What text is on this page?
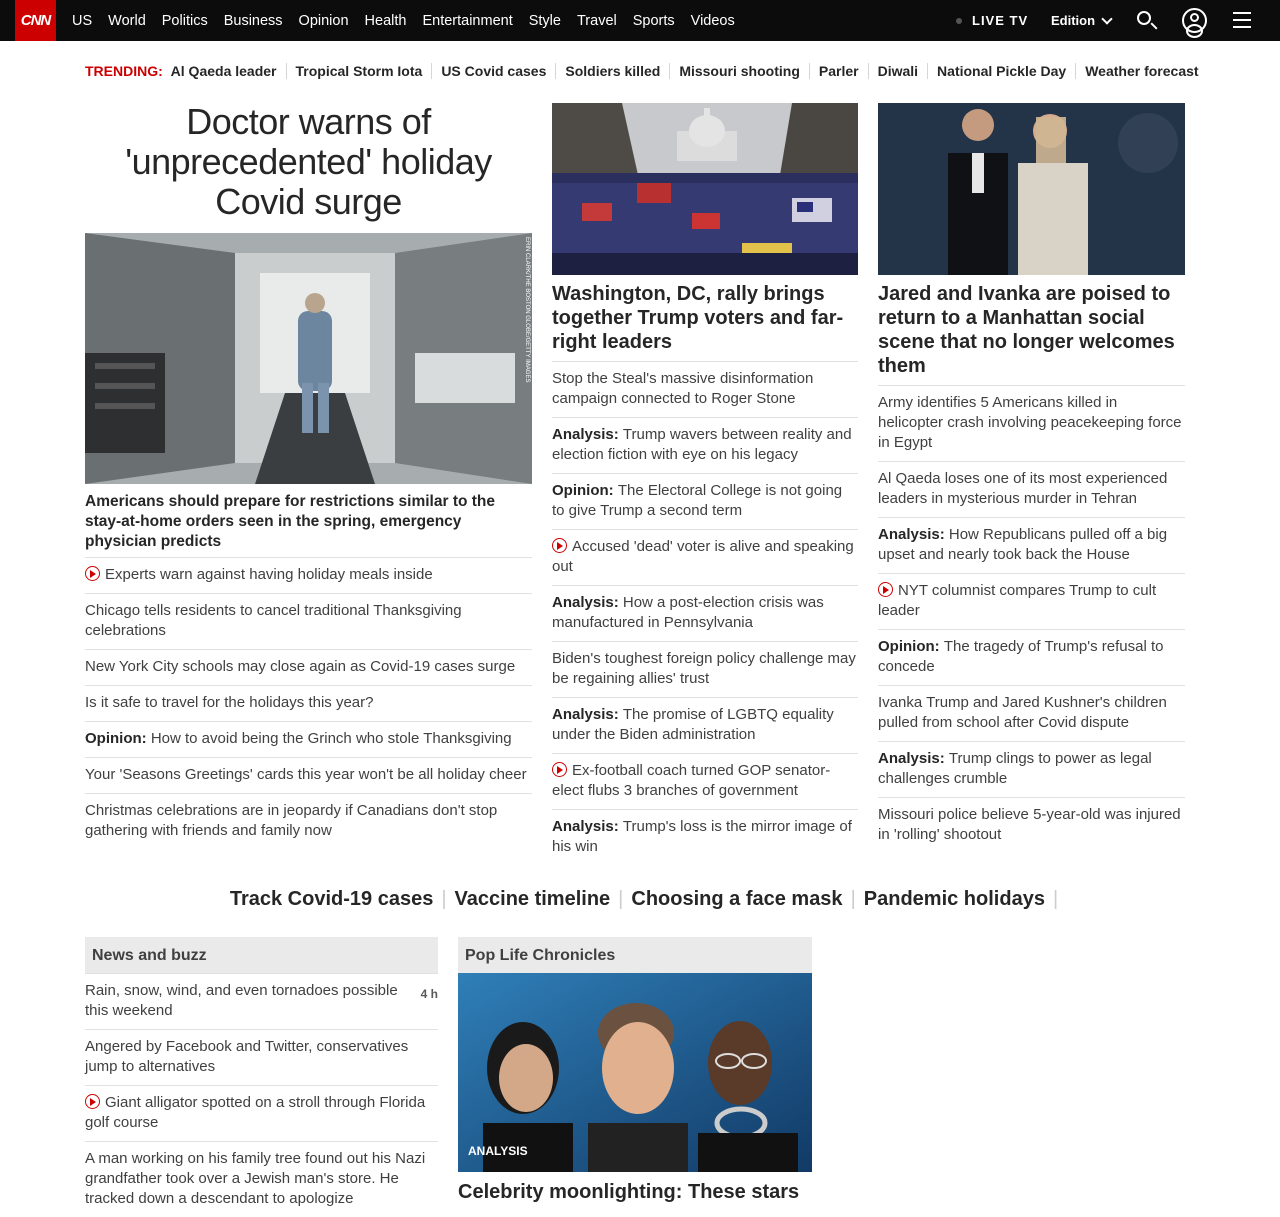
CNN	US World Politics Business Opinion Health Entertainment Style Travel Sports Videos	LIVE TV Edition
TRENDING: Al Qaeda leader Tropical Storm Iota US Covid cases Soldiers killed Missouri shooting Parler Diwali National Pickle Day Weather forecast
Doctor warns of 'unprecedented' holiday Covid surge
ERIN CLARK/THE BOSTON GLOBE/GETTY IMAGES
Americans should prepare for restrictions similar to the stay-at-home orders seen in the spring, emergency physician predicts
Experts warn against having holiday meals inside
Chicago tells residents to cancel traditional Thanksgiving celebrations
New York City schools may close again as Covid-19 cases surge
Is it safe to travel for the holidays this year?
Opinion: How to avoid being the Grinch who stole Thanksgiving
Your 'Seasons Greetings' cards this year won't be all holiday cheer
Christmas celebrations are in jeopardy if Canadians don't stop gathering with friends and family now
Washington, DC, rally brings together Trump voters and far-right leaders
Stop the Steal's massive disinformation campaign connected to Roger Stone
Analysis: Trump wavers between reality and election fiction with eye on his legacy
Opinion: The Electoral College is not going to give Trump a second term
Accused 'dead' voter is alive and speaking out
Analysis: How a post-election crisis was manufactured in Pennsylvania
Biden's toughest foreign policy challenge may be regaining allies' trust
Analysis: The promise of LGBTQ equality under the Biden administration
Ex-football coach turned GOP senator-elect flubs 3 branches of government
Analysis: Trump's loss is the mirror image of his win
Jared and Ivanka are poised to return to a Manhattan social scene that no longer welcomes them
Army identifies 5 Americans killed in helicopter crash involving peacekeeping force in Egypt
Al Qaeda loses one of its most experienced leaders in mysterious murder in Tehran
Analysis: How Republicans pulled off a big upset and nearly took back the House
NYT columnist compares Trump to cult leader
Opinion: The tragedy of Trump's refusal to concede
Ivanka Trump and Jared Kushner's children pulled from school after Covid dispute
Analysis: Trump clings to power as legal challenges crumble
Missouri police believe 5-year-old was injured in 'rolling' shootout
Track Covid-19 cases | Vaccine timeline | Choosing a face mask | Pandemic holidays |
News and buzz
4 h
Rain, snow, wind, and even tornadoes possible this weekend
Angered by Facebook and Twitter, conservatives jump to alternatives
Giant alligator spotted on a stroll through Florida golf course
A man working on his family tree found out his Nazi grandfather took over a Jewish man's store. He tracked down a descendant to apologize
Pop Life Chronicles
ANALYSIS
Celebrity moonlighting: These stars
